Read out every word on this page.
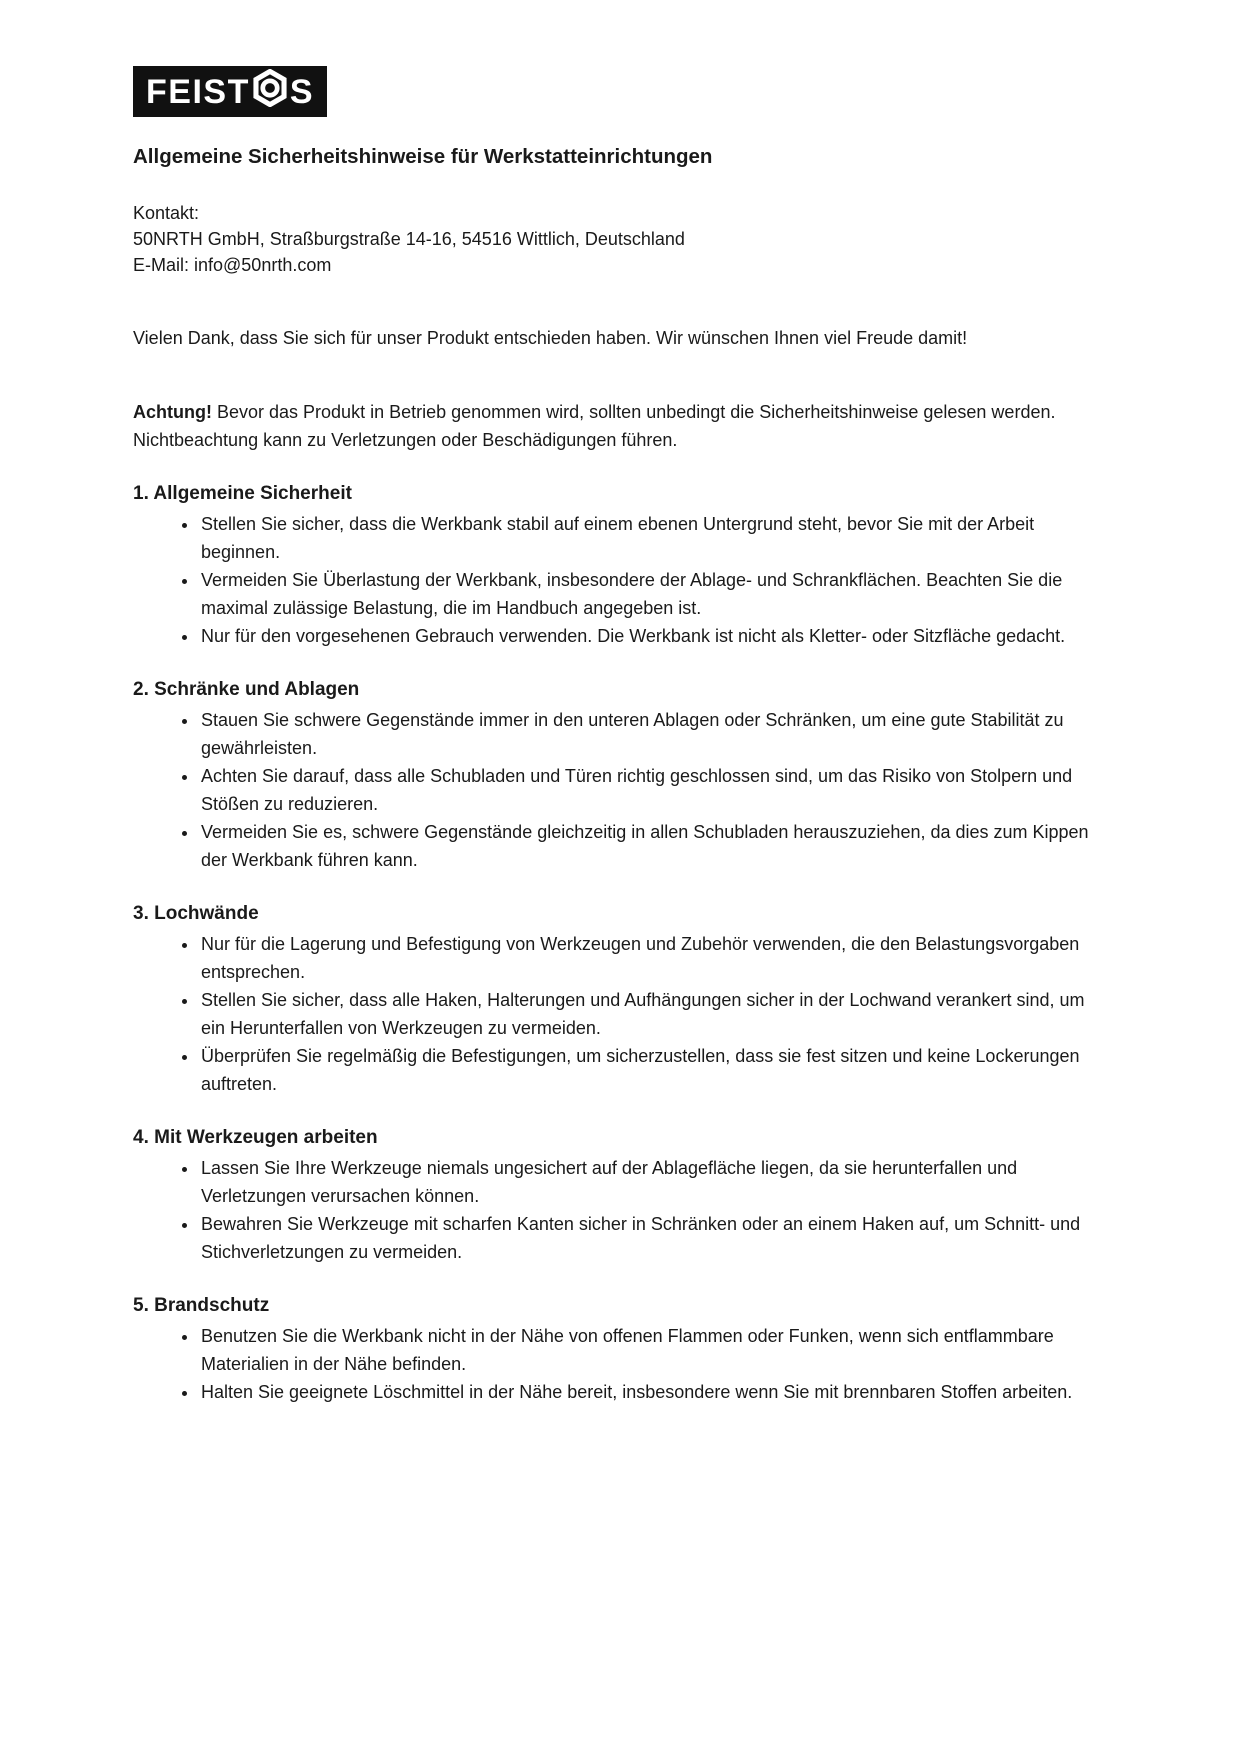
FEIST S
Allgemeine Sicherheitshinweise für Werkstatteinrichtungen
Kontakt:
50NRTH GmbH, Straßburgstraße 14-16, 54516 Wittlich, Deutschland
E-Mail: info@50nrth.com

Vielen Dank, dass Sie sich für unser Produkt entschieden haben. Wir wünschen Ihnen viel Freude damit!

Achtung! Bevor das Produkt in Betrieb genommen wird, sollten unbedingt die Sicherheitshinweise gelesen werden. Nichtbeachtung kann zu Verletzungen oder Beschädigungen führen.

1. Allgemeine Sicherheit
• Stellen Sie sicher, dass die Werkbank stabil auf einem ebenen Untergrund steht, bevor Sie mit der Arbeit beginnen.
• Vermeiden Sie Überlastung der Werkbank, insbesondere der Ablage- und Schrankflächen. Beachten Sie die maximal zulässige Belastung, die im Handbuch angegeben ist.
• Nur für den vorgesehenen Gebrauch verwenden. Die Werkbank ist nicht als Kletter- oder Sitzfläche gedacht.
2. Schränke und Ablagen
• Stauen Sie schwere Gegenstände immer in den unteren Ablagen oder Schränken, um eine gute Stabilität zu gewährleisten.
• Achten Sie darauf, dass alle Schubladen und Türen richtig geschlossen sind, um das Risiko von Stolpern und Stößen zu reduzieren.
• Vermeiden Sie es, schwere Gegenstände gleichzeitig in allen Schubladen herauszuziehen, da dies zum Kippen der Werkbank führen kann.
3. Lochwände
• Nur für die Lagerung und Befestigung von Werkzeugen und Zubehör verwenden, die den Belastungsvorgaben entsprechen.
• Stellen Sie sicher, dass alle Haken, Halterungen und Aufhängungen sicher in der Lochwand verankert sind, um ein Herunterfallen von Werkzeugen zu vermeiden.
• Überprüfen Sie regelmäßig die Befestigungen, um sicherzustellen, dass sie fest sitzen und keine Lockerungen auftreten.
4. Mit Werkzeugen arbeiten
• Lassen Sie Ihre Werkzeuge niemals ungesichert auf der Ablagefläche liegen, da sie herunterfallen und Verletzungen verursachen können.
• Bewahren Sie Werkzeuge mit scharfen Kanten sicher in Schränken oder an einem Haken auf, um Schnitt- und Stichverletzungen zu vermeiden.
5. Brandschutz
• Benutzen Sie die Werkbank nicht in der Nähe von offenen Flammen oder Funken, wenn sich entflammbare Materialien in der Nähe befinden.
• Halten Sie geeignete Löschmittel in der Nähe bereit, insbesondere wenn Sie mit brennbaren Stoffen arbeiten.
